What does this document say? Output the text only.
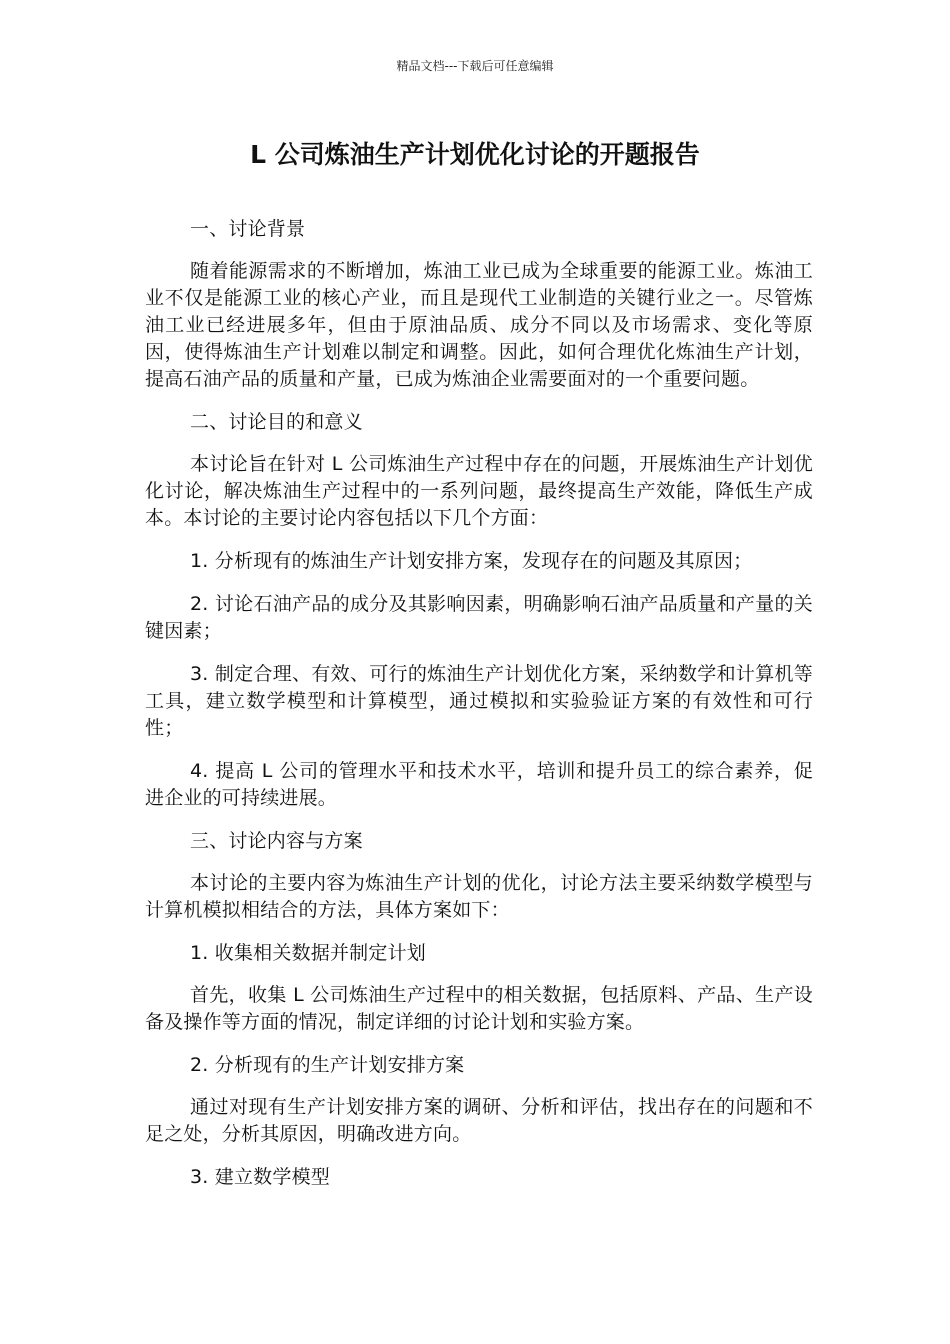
精品文档---下载后可任意编辑
L 公司炼油生产计划优化讨论的开题报告

一、讨论背景

随着能源需求的不断增加，炼油工业已成为全球重要的能源工业。炼油工业不仅是能源工业的核心产业，而且是现代工业制造的关键行业之一。尽管炼油工业已经进展多年，但由于原油品质、成分不同以及市场需求、变化等原因，使得炼油生产计划难以制定和调整。因此，如何合理优化炼油生产计划，提高石油产品的质量和产量，已成为炼油企业需要面对的一个重要问题。

二、讨论目的和意义

本讨论旨在针对 L 公司炼油生产过程中存在的问题，开展炼油生产计划优化讨论，解决炼油生产过程中的一系列问题，最终提高生产效能，降低生产成本。本讨论的主要讨论内容包括以下几个方面：

1. 分析现有的炼油生产计划安排方案，发现存在的问题及其原因；

2. 讨论石油产品的成分及其影响因素，明确影响石油产品质量和产量的关键因素；

3. 制定合理、有效、可行的炼油生产计划优化方案，采纳数学和计算机等工具，建立数学模型和计算模型，通过模拟和实验验证方案的有效性和可行性；

4. 提高 L 公司的管理水平和技术水平，培训和提升员工的综合素养，促进企业的可持续进展。

三、讨论内容与方案

本讨论的主要内容为炼油生产计划的优化，讨论方法主要采纳数学模型与计算机模拟相结合的方法，具体方案如下：

1. 收集相关数据并制定计划

首先，收集 L 公司炼油生产过程中的相关数据，包括原料、产品、生产设备及操作等方面的情况，制定详细的讨论计划和实验方案。

2. 分析现有的生产计划安排方案

通过对现有生产计划安排方案的调研、分析和评估，找出存在的问题和不足之处，分析其原因，明确改进方向。

3. 建立数学模型
